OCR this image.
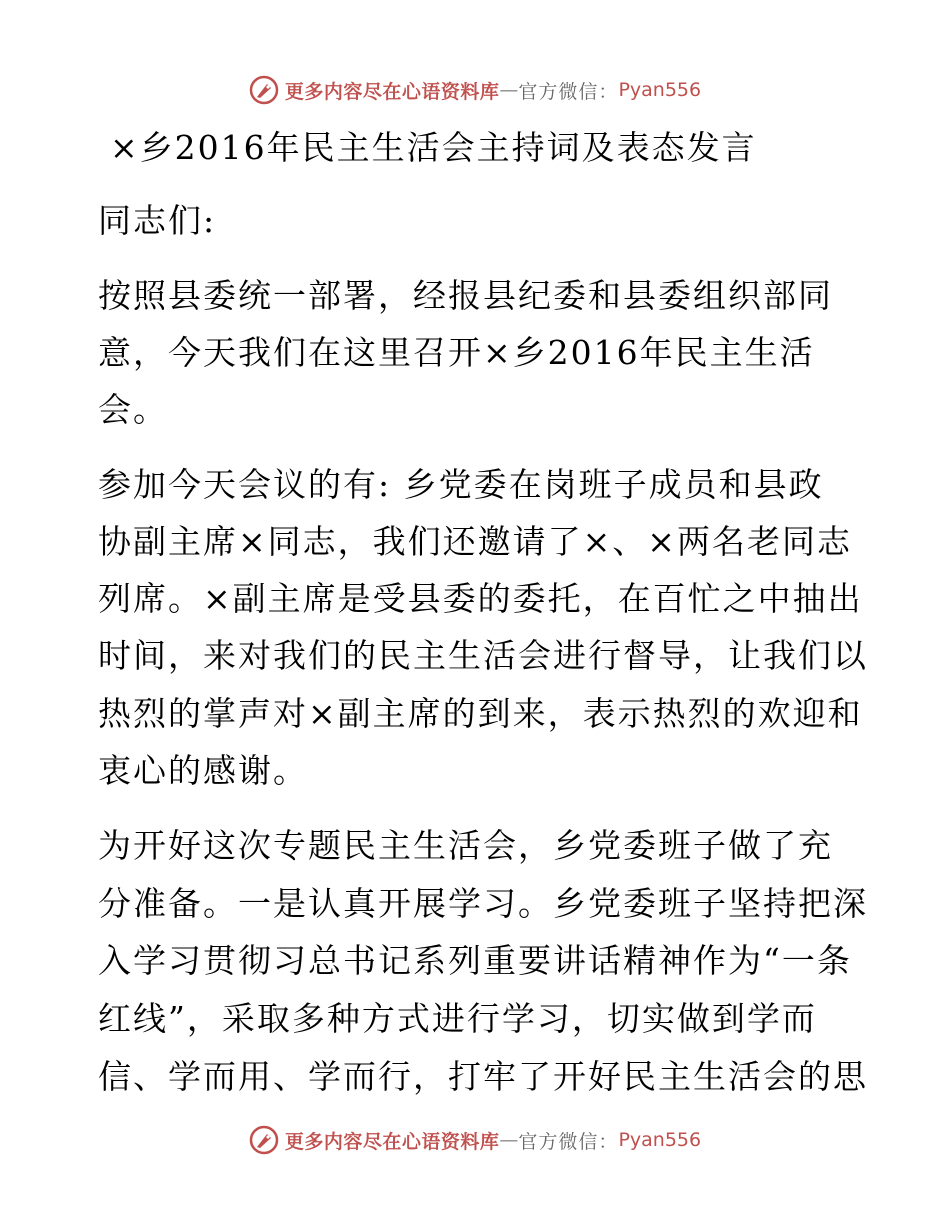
更多内容尽在心语资料库 — 官方微信： Pyan556
×乡2016年民主生活会主持词及表态发言
同志们:
按照县委统一部署，经报县纪委和县委组织部同
意，今天我们在这里召开×乡2016年民主生活
会。
参加今天会议的有: 乡党委在岗班子成员和县政
协副主席×同志，我们还邀请了×、×两名老同志
列席。×副主席是受县委的委托，在百忙之中抽出
时间，来对我们的民主生活会进行督导，让我们以
热烈的掌声对×副主席的到来，表示热烈的欢迎和
衷心的感谢。
为开好这次专题民主生活会，乡党委班子做了充
分准备。一是认真开展学习。乡党委班子坚持把深
入学习贯彻习总书记系列重要讲话精神作为“一条
红线”，采取多种方式进行学习，切实做到学而
信、学而用、学而行，打牢了开好民主生活会的思
更多内容尽在心语资料库 — 官方微信： Pyan556
